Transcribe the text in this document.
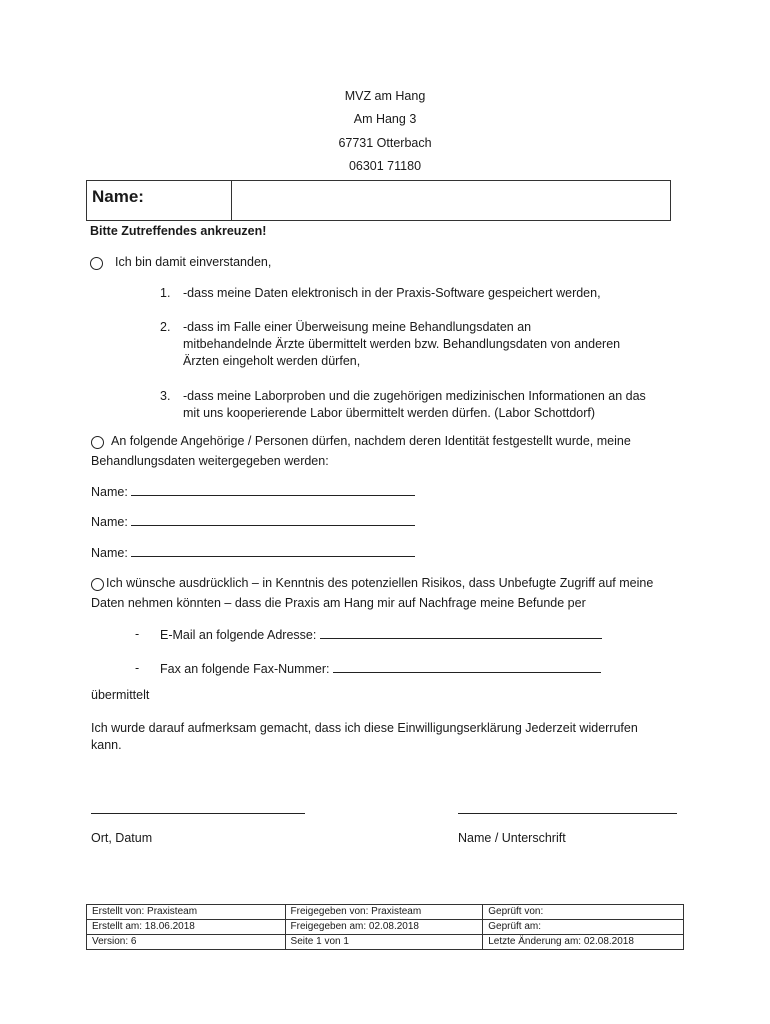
MVZ am Hang
Am Hang 3
67731 Otterbach
06301 71180
Name:
Bitte Zutreffendes ankreuzen!
Ich bin damit einverstanden,
1. -dass meine Daten elektronisch in der Praxis-Software gespeichert werden,
2. -dass im Falle einer Überweisung meine Behandlungsdaten an
mitbehandelnde Ärzte übermittelt werden bzw. Behandlungsdaten von anderen
Ärzten eingeholt werden dürfen,
3. -dass meine Laborproben und die zugehörigen medizinischen Informationen an das
mit uns kooperierende Labor übermittelt werden dürfen. (Labor Schottdorf)
An folgende Angehörige / Personen dürfen, nachdem deren Identität festgestellt wurde, meine
Behandlungsdaten weitergegeben werden:
Name:
Name:
Name:
Ich wünsche ausdrücklich – in Kenntnis des potenziellen Risikos, dass Unbefugte Zugriff auf meine
Daten nehmen könnten – dass die Praxis am Hang mir auf Nachfrage meine Befunde per
- E-Mail an folgende Adresse:
- Fax an folgende Fax-Nummer:
übermittelt
Ich wurde darauf aufmerksam gemacht, dass ich diese Einwilligungserklärung Jederzeit widerrufen
kann.
Ort, Datum	Name / Unterschrift
Erstellt von: Praxisteam	Freigegeben von: Praxisteam	Geprüft von:
Erstellt am: 18.06.2018	Freigegeben am: 02.08.2018	Geprüft am:
Version: 6	Seite 1 von 1	Letzte Änderung am: 02.08.2018
